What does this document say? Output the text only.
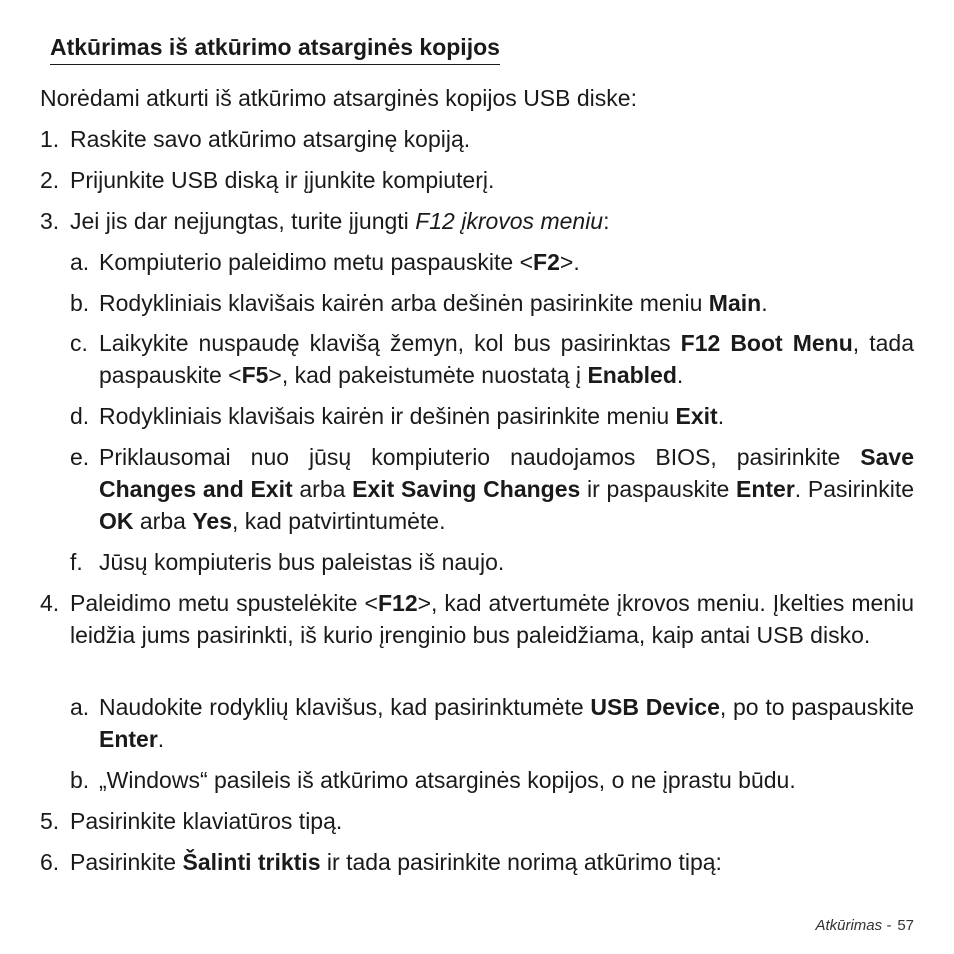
Atkūrimas iš atkūrimo atsarginės kopijos
Norėdami atkurti iš atkūrimo atsarginės kopijos USB diske:
1. Raskite savo atkūrimo atsarginę kopiją.
2. Prijunkite USB diską ir įjunkite kompiuterį.
3. Jei jis dar neįjungtas, turite įjungti F12 įkrovos meniu:
a. Kompiuterio paleidimo metu paspauskite <F2>.
b. Rodykliniais klavišais kairėn arba dešinėn pasirinkite meniu Main.
c. Laikykite nuspaudę klavišą žemyn, kol bus pasirinktas F12 Boot Menu, tada paspauskite <F5>, kad pakeistumėte nuostatą į Enabled.
d. Rodykliniais klavišais kairėn ir dešinėn pasirinkite meniu Exit.
e. Priklausomai nuo jūsų kompiuterio naudojamos BIOS, pasirinkite Save Changes and Exit arba Exit Saving Changes ir paspauskite Enter. Pasirinkite OK arba Yes, kad patvirtintumėte.
f. Jūsų kompiuteris bus paleistas iš naujo.
4. Paleidimo metu spustelėkite <F12>, kad atvertumėte įkrovos meniu. Įkelties meniu leidžia jums pasirinkti, iš kurio įrenginio bus paleidžiama, kaip antai USB disko.
a. Naudokite rodyklių klavišus, kad pasirinktumėte USB Device, po to paspauskite Enter.
b. „Windows“ pasileis iš atkūrimo atsarginės kopijos, o ne įprastu būdu.
5. Pasirinkite klaviatūros tipą.
6. Pasirinkite Šalinti triktis ir tada pasirinkite norimą atkūrimo tipą:
Atkūrimas - 57
